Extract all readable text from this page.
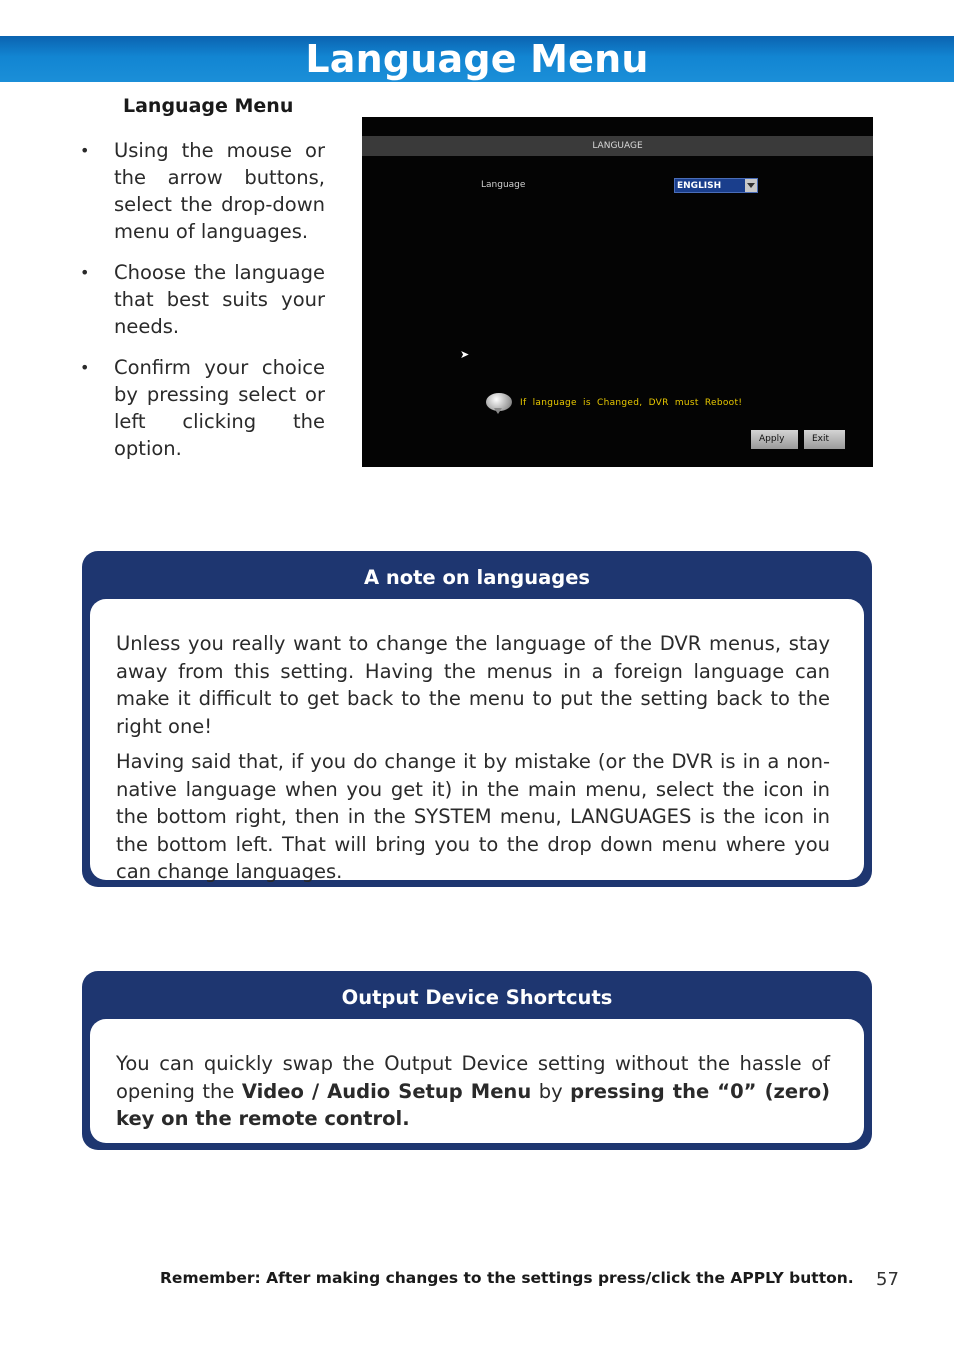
Language Menu
Language Menu
• Using the mouse or the arrow buttons, select the drop-down menu of languages.
• Choose the language that best suits your needs.
• Confirm your choice by pressing select or left clicking the option.
LANGUAGE
Language	ENGLISH
➤
If language is Changed, DVR must Reboot!
Apply	Exit
A note on languages

Unless you really want to change the language of the DVR menus, stay away from this setting. Having the menus in a foreign language can make it difficult to get back to the menu to put the setting back to the right one!

Having said that, if you do change it by mistake (or the DVR is in a non-native language when you get it) in the main menu, select the icon in the bottom right, then in the SYSTEM menu, LANGUAGES is the icon in the bottom left. That will bring you to the drop down menu where you can change languages.

Output Device Shortcuts
You can quickly swap the Output Device setting without the hassle of opening the Video / Audio Setup Menu by pressing the “0” (zero) key on the remote control.
Remember: After making changes to the settings press/click the APPLY button. 57
